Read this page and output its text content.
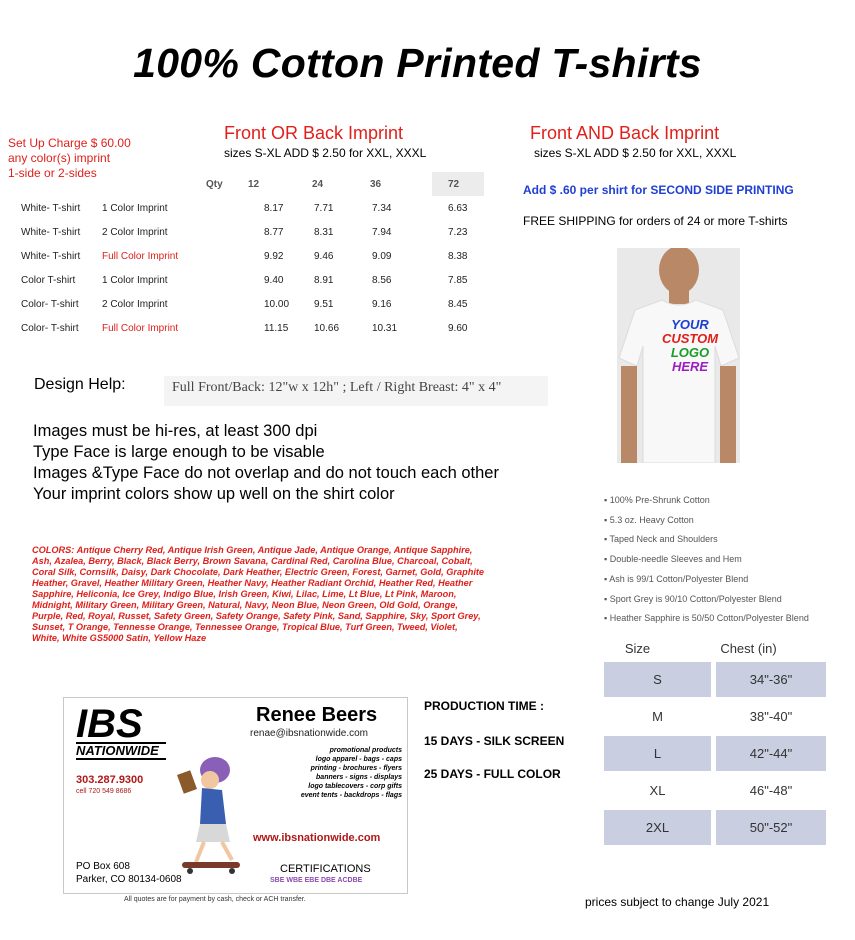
100% Cotton Printed T-shirts
Set Up Charge $ 60.00
any color(s) imprint
1-side or 2-sides
Front OR Back Imprint
sizes S-XL ADD $ 2.50 for XXL, XXXL
Front AND Back Imprint
sizes S-XL ADD $ 2.50 for XXL, XXXL
		Qty	12	24	36	72
White- T-shirt	1 Color Imprint		8.17	7.71	7.34	6.63
White- T-shirt	2 Color Imprint		8.77	8.31	7.94	7.23
White- T-shirt	Full Color Imprint		9.92	9.46	9.09	8.38
Color T-shirt	1 Color Imprint		9.40	8.91	8.56	7.85
Color- T-shirt	2 Color Imprint		10.00	9.51	9.16	8.45
Color- T-shirt	Full Color Imprint		11.15	10.66	10.31	9.60
Add $ .60 per shirt for SECOND SIDE PRINTING
FREE SHIPPING for orders of 24 or more T-shirts
YOUR
CUSTOM
LOGO
HERE
Design Help:	Full Front/Back: 12"w x 12h" ; Left / Right Breast: 4" x 4"
Images must be hi-res, at least 300 dpi
Type Face is large enough to be visable
Images &Type Face do not overlap and do not touch each other
Your imprint colors show up well on the shirt color
COLORS: Antique Cherry Red, Antique Irish Green, Antique Jade, Antique Orange, Antique Sapphire, Ash, Azalea, Berry, Black, Black Berry, Brown Savana, Cardinal Red, Carolina Blue, Charcoal, Cobalt, Coral Silk, Cornsilk, Daisy, Dark Chocolate, Dark Heather, Electric Green, Forest, Garnet, Gold, Graphite Heather, Gravel, Heather Military Green, Heather Navy, Heather Radiant Orchid, Heather Red, Heather Sapphire, Heliconia, Ice Grey, Indigo Blue, Irish Green, Kiwi, Lilac, Lime, Lt Blue, Lt Pink, Maroon, Midnight, Military Green, Military Green, Natural, Navy, Neon Blue, Neon Green, Old Gold, Orange, Purple, Red, Royal, Russet, Safety Green, Safety Orange, Safety Pink, Sand, Sapphire, Sky, Sport Grey, Sunset, T Orange, Tennesse Orange, Tennessee Orange, Tropical Blue, Turf Green, Tweed, Violet, White, White GS5000 Satin, Yellow Haze
▪ 100% Pre-Shrunk Cotton
▪ 5.3 oz. Heavy Cotton
▪ Taped Neck and Shoulders
▪ Double-needle Sleeves and Hem
▪ Ash is 99/1 Cotton/Polyester Blend
▪ Sport Grey is 90/10 Cotton/Polyester Blend
▪ Heather Sapphire is 50/50 Cotton/Polyester Blend
Size	Chest (in)
S	34"-36"
M	38"-40"
L	42"-44"
XL	46"-48"
2XL	50"-52"
IBS
NATIONWIDE
Renee Beers
renae@ibsnationwide.com
promotional products
logo apparel - bags - caps
printing - brochures - flyers
banners - signs - displays
logo tablecovers - corp gifts
event tents - backdrops - flags
303.287.9300
cell 720 549 8686
www.ibsnationwide.com
PO Box 608
Parker, CO 80134-0608
CERTIFICATIONS
SBE WBE EBE DBE ACDBE
All quotes are for payment by cash, check or ACH transfer.
PRODUCTION TIME :
15 DAYS - SILK SCREEN
25 DAYS - FULL COLOR
prices subject to change July 2021
